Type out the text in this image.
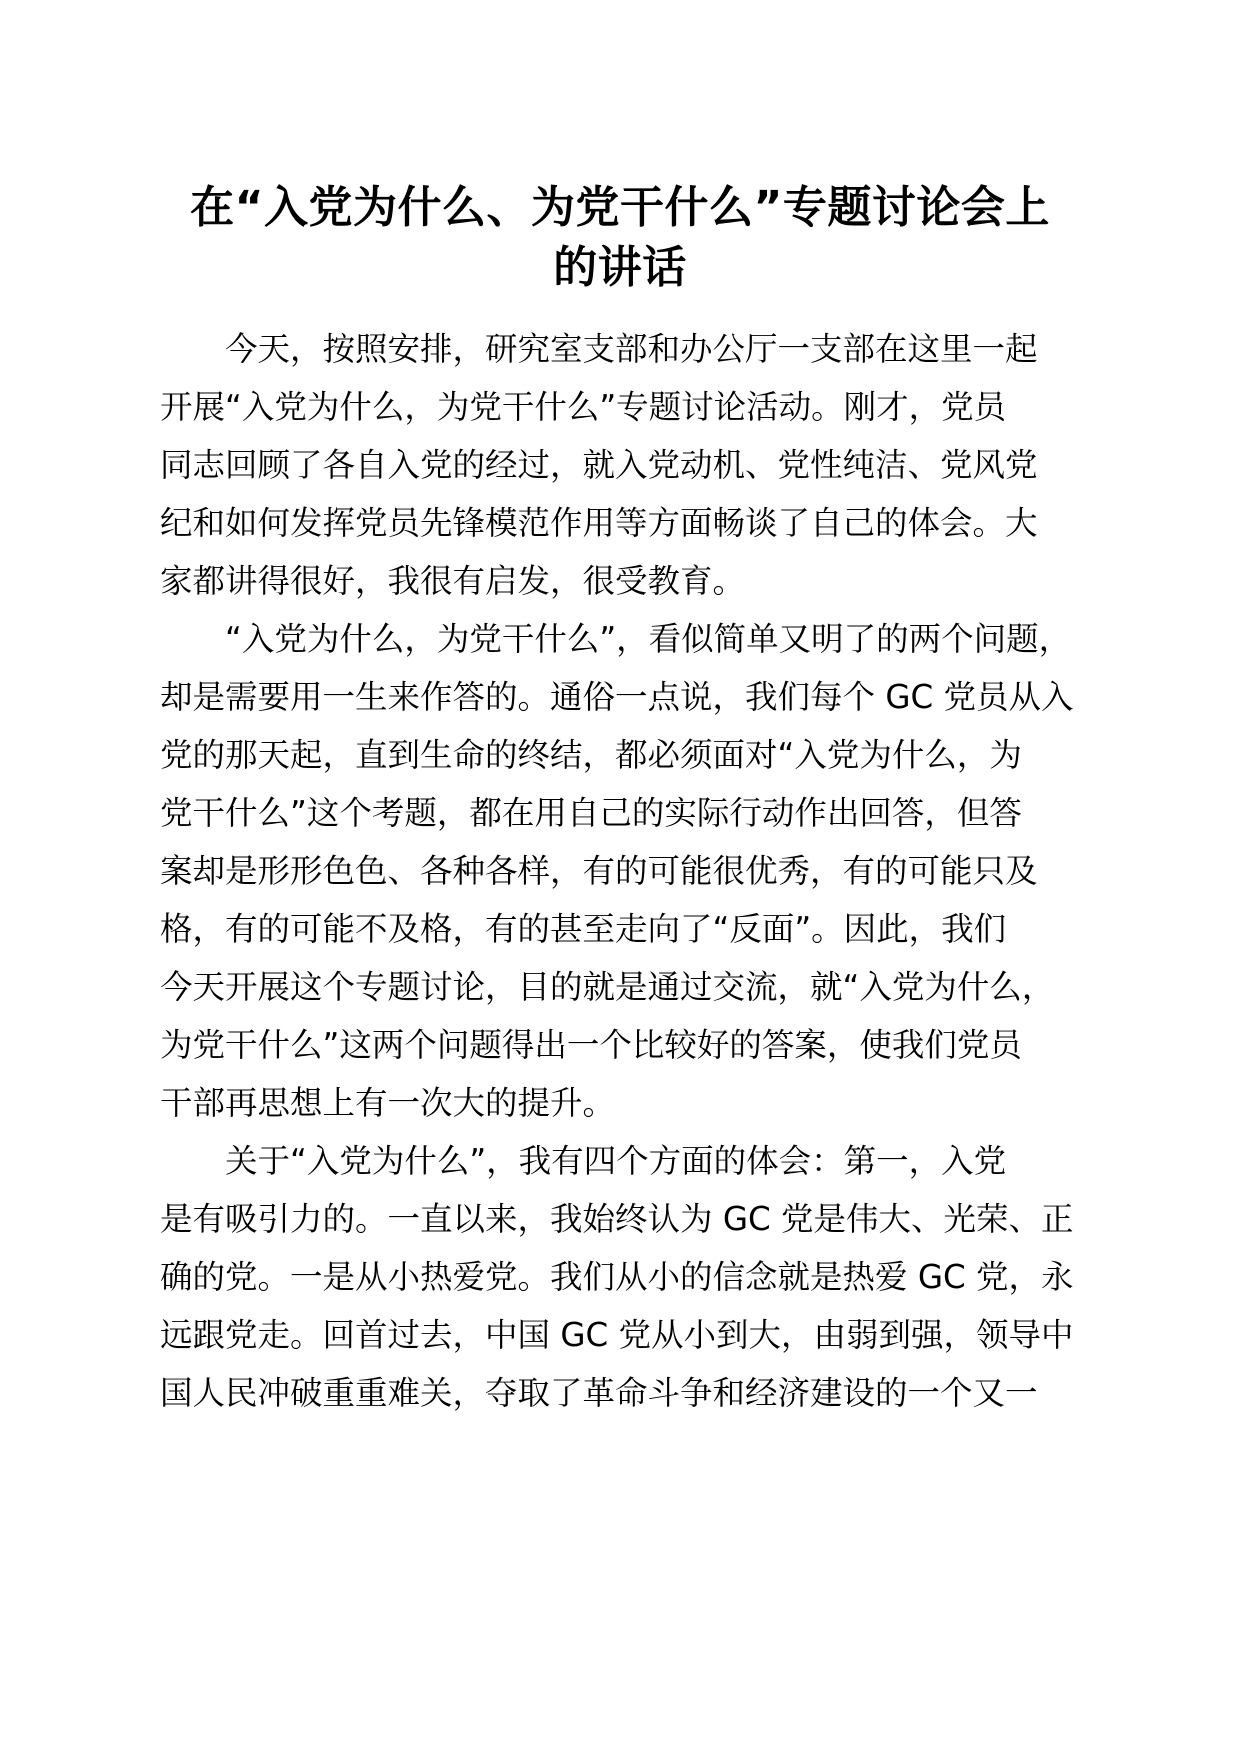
在“入党为什么、为党干什么”专题讨论会上
的讲话
今天，按照安排，研究室支部和办公厅一支部在这里一起
开展“入党为什么，为党干什么”专题讨论活动。刚才，党员
同志回顾了各自入党的经过，就入党动机、党性纯洁、党风党
纪和如何发挥党员先锋模范作用等方面畅谈了自己的体会。大
家都讲得很好，我很有启发，很受教育。
“入党为什么，为党干什么”，看似简单又明了的两个问题，
却是需要用一生来作答的。通俗一点说，我们每个 GC 党员从入
党的那天起，直到生命的终结，都必须面对“入党为什么，为
党干什么”这个考题，都在用自己的实际行动作出回答，但答
案却是形形色色、各种各样，有的可能很优秀，有的可能只及
格，有的可能不及格，有的甚至走向了“反面”。因此，我们
今天开展这个专题讨论，目的就是通过交流，就“入党为什么，
为党干什么”这两个问题得出一个比较好的答案，使我们党员
干部再思想上有一次大的提升。
关于“入党为什么”，我有四个方面的体会：第一，入党
是有吸引力的。一直以来，我始终认为 GC 党是伟大、光荣、正
确的党。一是从小热爱党。我们从小的信念就是热爱 GC 党，永
远跟党走。回首过去，中国 GC 党从小到大，由弱到强，领导中
国人民冲破重重难关，夺取了革命斗争和经济建设的一个又一
